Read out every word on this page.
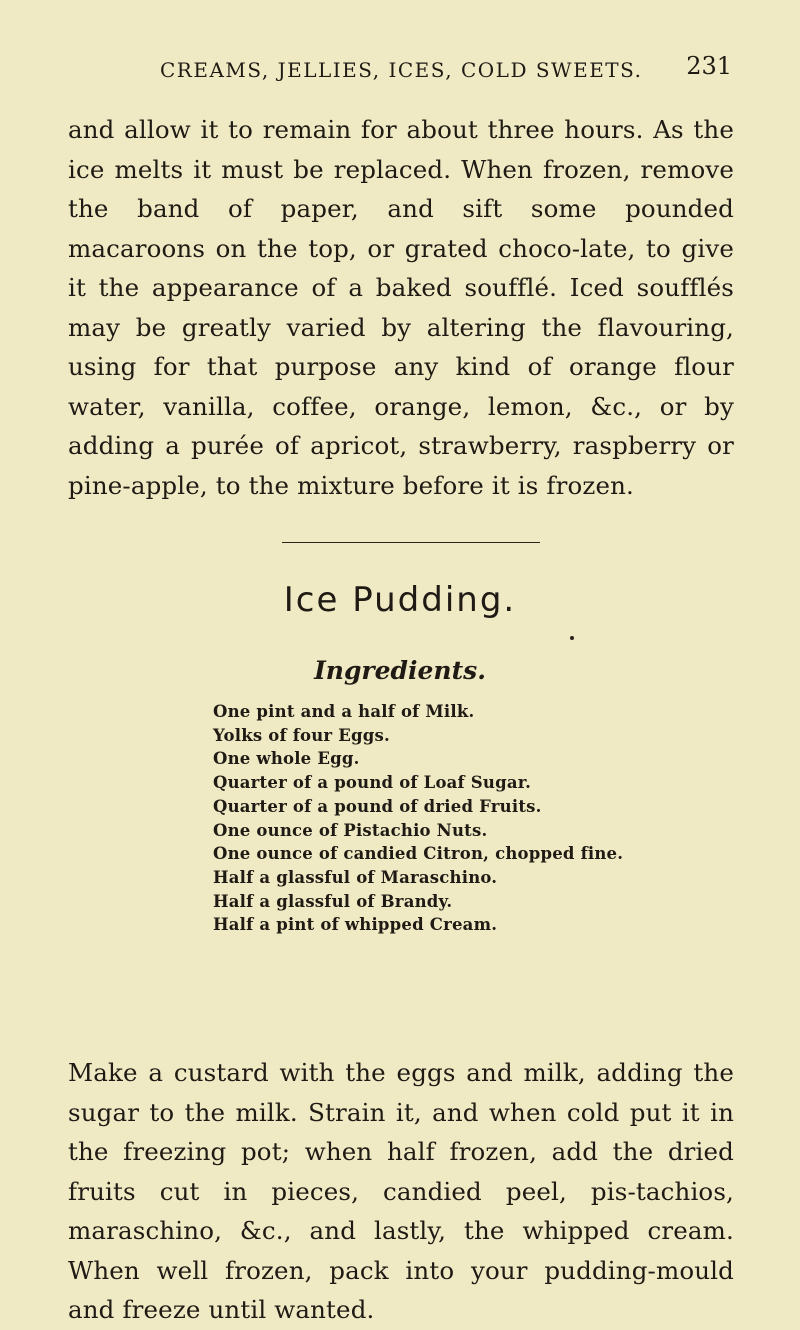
CREAMS, JELLIES, ICES, COLD SWEETS. 231

and allow it to remain for about three hours. As the ice melts it must be replaced. When frozen, remove the band of paper, and sift some pounded macaroons on the top, or grated choco-late, to give it the appearance of a baked soufflé. Iced soufflés may be greatly varied by altering the flavouring, using for that purpose any kind of orange flour water, vanilla, coffee, orange, lemon, &c., or by adding a purée of apricot, strawberry, raspberry or pine-apple, to the mixture before it is frozen.

Ice Pudding.
Ingredients.
One pint and a half of Milk.
Yolks of four Eggs.
One whole Egg.
Quarter of a pound of Loaf Sugar.
Quarter of a pound of dried Fruits.
One ounce of Pistachio Nuts.
One ounce of candied Citron, chopped fine.
Half a glassful of Maraschino.
Half a glassful of Brandy.
Half a pint of whipped Cream.

Make a custard with the eggs and milk, adding the sugar to the milk. Strain it, and when cold put it in the freezing pot; when half frozen, add the dried fruits cut in pieces, candied peel, pis-tachios, maraschino, &c., and lastly, the whipped cream. When well frozen, pack into your pudding-mould and freeze until wanted.
